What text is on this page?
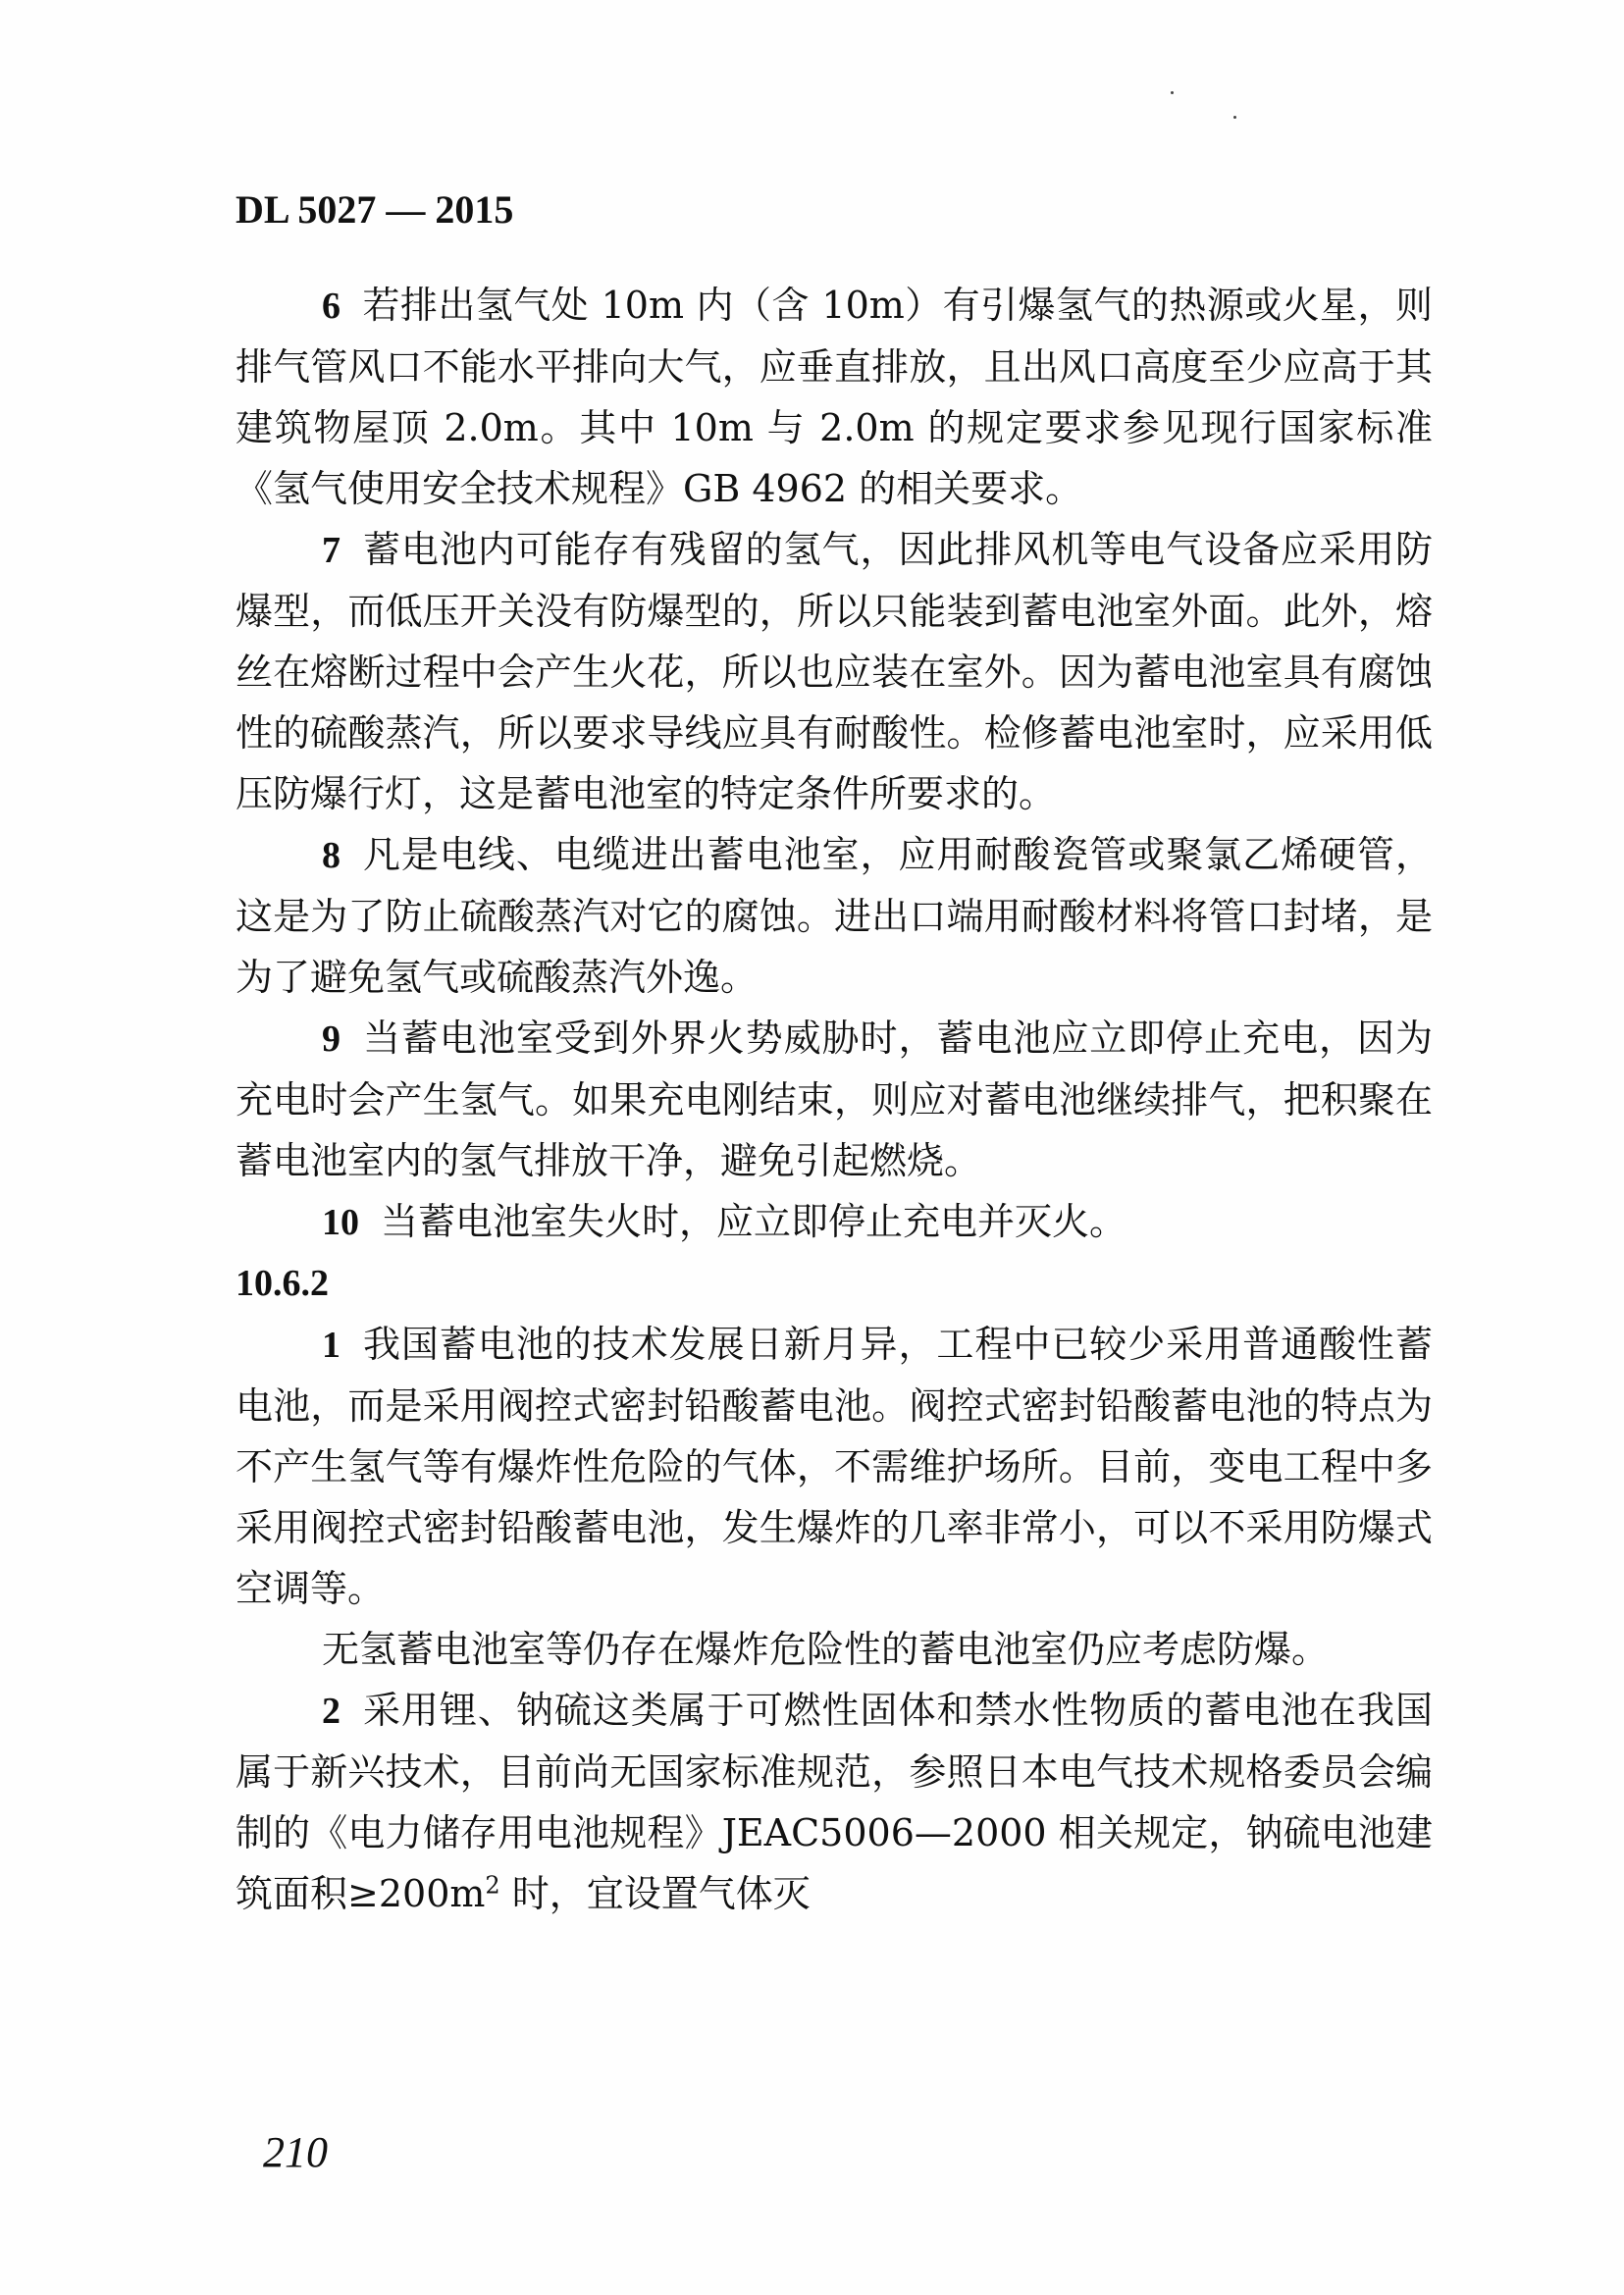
DL 5027 — 2015

6 若排出氢气处 10m 内（含 10m）有引爆氢气的热源或火星，则排气管风口不能水平排向大气，应垂直排放，且出风口高度至少应高于其建筑物屋顶 2.0m。其中 10m 与 2.0m 的规定要求参见现行国家标准《氢气使用安全技术规程》GB 4962 的相关要求。

7 蓄电池内可能存有残留的氢气，因此排风机等电气设备应采用防爆型，而低压开关没有防爆型的，所以只能装到蓄电池室外面。此外，熔丝在熔断过程中会产生火花，所以也应装在室外。因为蓄电池室具有腐蚀性的硫酸蒸汽，所以要求导线应具有耐酸性。检修蓄电池室时，应采用低压防爆行灯，这是蓄电池室的特定条件所要求的。

8 凡是电线、电缆进出蓄电池室，应用耐酸瓷管或聚氯乙烯硬管，这是为了防止硫酸蒸汽对它的腐蚀。进出口端用耐酸材料将管口封堵，是为了避免氢气或硫酸蒸汽外逸。

9 当蓄电池室受到外界火势威胁时，蓄电池应立即停止充电，因为充电时会产生氢气。如果充电刚结束，则应对蓄电池继续排气，把积聚在蓄电池室内的氢气排放干净，避免引起燃烧。

10 当蓄电池室失火时，应立即停止充电并灭火。

10.6.2

1 我国蓄电池的技术发展日新月异，工程中已较少采用普通酸性蓄电池，而是采用阀控式密封铅酸蓄电池。阀控式密封铅酸蓄电池的特点为不产生氢气等有爆炸性危险的气体，不需维护场所。目前，变电工程中多采用阀控式密封铅酸蓄电池，发生爆炸的几率非常小，可以不采用防爆式空调等。

无氢蓄电池室等仍存在爆炸危险性的蓄电池室仍应考虑防爆。

2 采用锂、钠硫这类属于可燃性固体和禁水性物质的蓄电池在我国属于新兴技术，目前尚无国家标准规范，参照日本电气技术规格委员会编制的《电力储存用电池规程》JEAC5006—2000 相关规定，钠硫电池建筑面积$\ge 200m^2$ 时，宜设置气体灭

210
